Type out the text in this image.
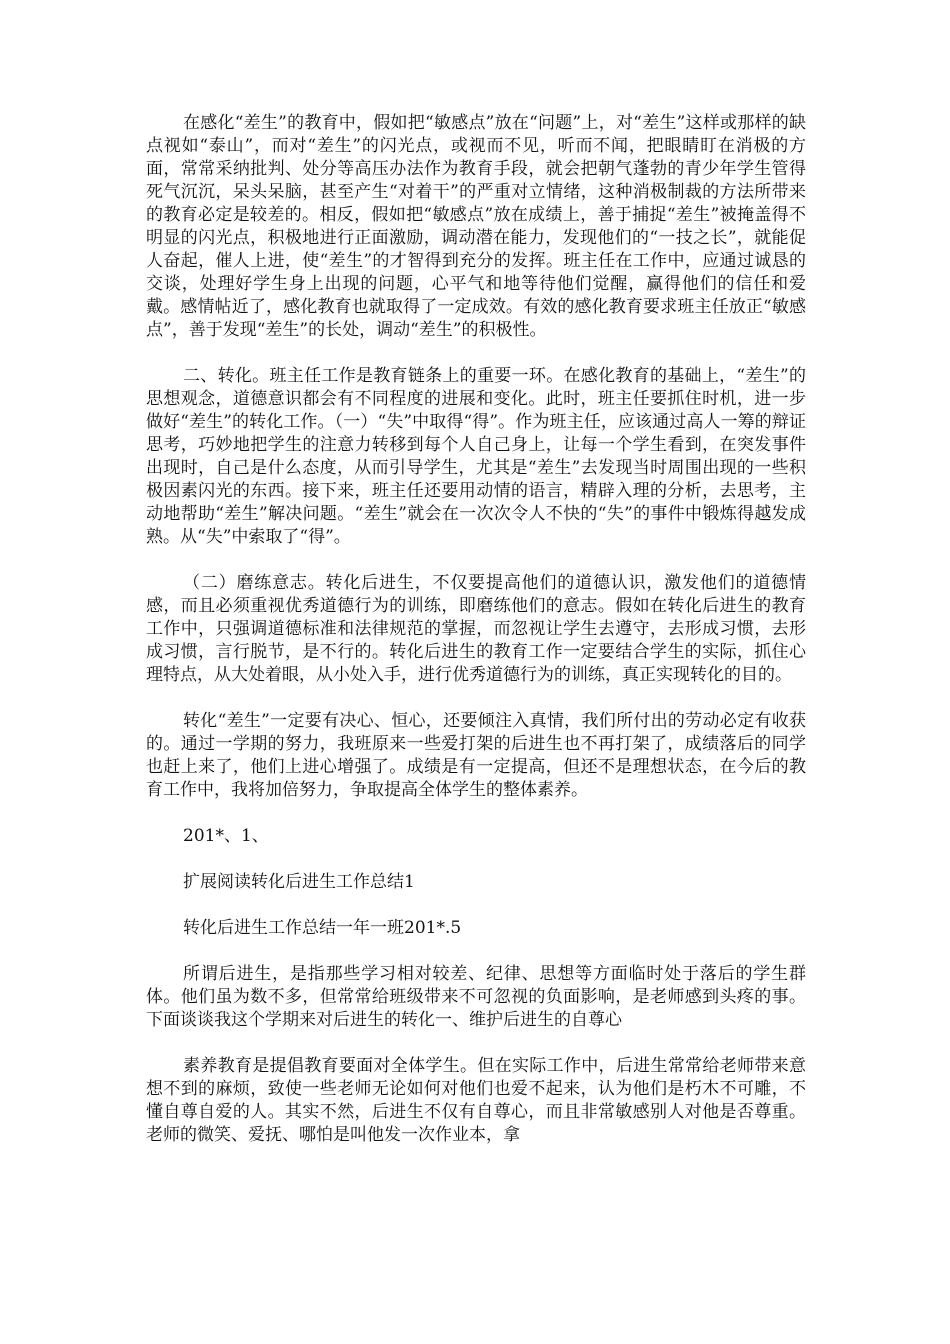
在感化“差生”的教育中，假如把“敏感点”放在“问题”上，对“差生”这样或那样的缺点视如“泰山”，而对“差生”的闪光点，或视而不见，听而不闻，把眼睛盯在消极的方面，常常采纳批判、处分等高压办法作为教育手段，就会把朝气蓬勃的青少年学生管得死气沉沉，呆头呆脑，甚至产生“对着干”的严重对立情绪，这种消极制裁的方法所带来的教育必定是较差的。相反，假如把“敏感点”放在成绩上，善于捕捉“差生”被掩盖得不明显的闪光点，积极地进行正面激励，调动潜在能力，发现他们的“一技之长”，就能促人奋起，催人上进，使“差生”的才智得到充分的发挥。班主任在工作中，应通过诚恳的交谈，处理好学生身上出现的问题，心平气和地等待他们觉醒，赢得他们的信任和爱戴。感情帖近了，感化教育也就取得了一定成效。有效的感化教育要求班主任放正“敏感点”，善于发现“差生”的长处，调动“差生”的积极性。

二、转化。班主任工作是教育链条上的重要一环。在感化教育的基础上，“差生”的思想观念，道德意识都会有不同程度的进展和变化。此时，班主任要抓住时机，进一步做好“差生”的转化工作。（一）“失”中取得“得”。作为班主任，应该通过高人一筹的辩证思考，巧妙地把学生的注意力转移到每个人自己身上，让每一个学生看到，在突发事件出现时，自己是什么态度，从而引导学生，尤其是“差生”去发现当时周围出现的一些积极因素闪光的东西。接下来，班主任还要用动情的语言，精辟入理的分析，去思考，主动地帮助“差生”解决问题。“差生”就会在一次次令人不快的“失”的事件中锻炼得越发成熟。从“失”中索取了“得”。

（二）磨练意志。转化后进生，不仅要提高他们的道德认识，激发他们的道德情感，而且必须重视优秀道德行为的训练，即磨练他们的意志。假如在转化后进生的教育工作中，只强调道德标准和法律规范的掌握，而忽视让学生去遵守，去形成习惯，去形成习惯，言行脱节，是不行的。转化后进生的教育工作一定要结合学生的实际，抓住心理特点，从大处着眼，从小处入手，进行优秀道德行为的训练，真正实现转化的目的。

转化“差生”一定要有决心、恒心，还要倾注入真情，我们所付出的劳动必定有收获的。通过一学期的努力，我班原来一些爱打架的后进生也不再打架了，成绩落后的同学也赶上来了，他们上进心增强了。成绩是有一定提高，但还不是理想状态，在今后的教育工作中，我将加倍努力，争取提高全体学生的整体素养。

201*、1、

扩展阅读转化后进生工作总结1

转化后进生工作总结一年一班201*.5

所谓后进生，是指那些学习相对较差、纪律、思想等方面临时处于落后的学生群体。他们虽为数不多，但常常给班级带来不可忽视的负面影响，是老师感到头疼的事。下面谈谈我这个学期来对后进生的转化一、维护后进生的自尊心

素养教育是提倡教育要面对全体学生。但在实际工作中，后进生常常给老师带来意想不到的麻烦，致使一些老师无论如何对他们也爱不起来，认为他们是朽木不可雕，不懂自尊自爱的人。其实不然，后进生不仅有自尊心，而且非常敏感别人对他是否尊重。老师的微笑、爱抚、哪怕是叫他发一次作业本，拿
